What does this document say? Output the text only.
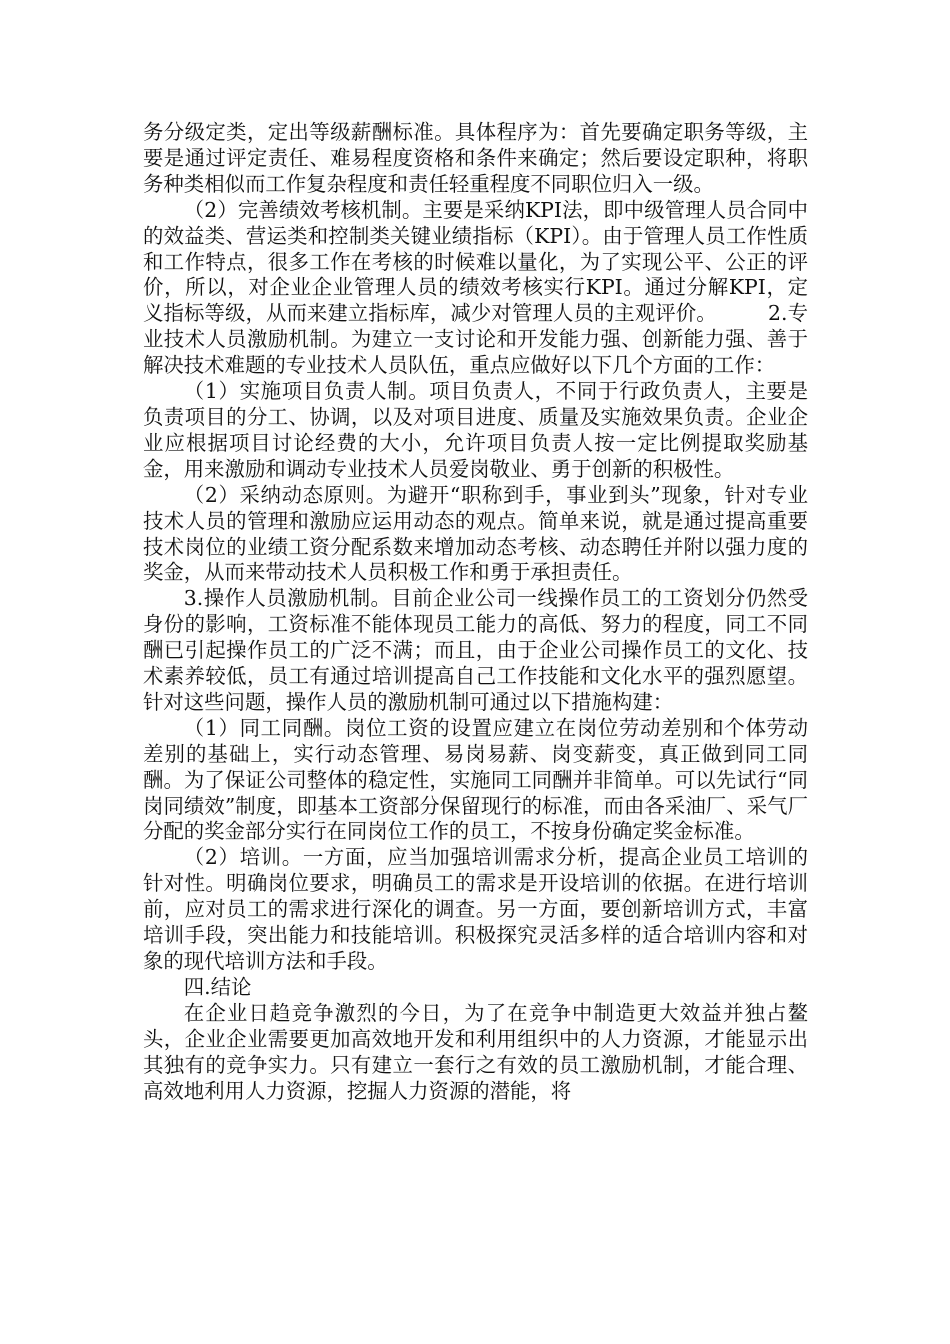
务分级定类，定出等级薪酬标准。具体程序为：首先要确定职务等级，主要是通过评定责任、难易程度资格和条件来确定；然后要设定职种，将职务种类相似而工作复杂程度和责任轻重程度不同职位归入一级。

（2）完善绩效考核机制。主要是采纳KPI法，即中级管理人员合同中的效益类、营运类和控制类关键业绩指标（KPI）。由于管理人员工作性质和工作特点，很多工作在考核的时候难以量化，为了实现公平、公正的评价，所以，对企业企业管理人员的绩效考核实行KPI。通过分解KPI，定义指标等级，从而来建立指标库，减少对管理人员的主观评价。　　　2.专业技术人员激励机制。为建立一支讨论和开发能力强、创新能力强、善于解决技术难题的专业技术人员队伍，重点应做好以下几个方面的工作：

（1）实施项目负责人制。项目负责人，不同于行政负责人，主要是负责项目的分工、协调，以及对项目进度、质量及实施效果负责。企业企业应根据项目讨论经费的大小，允许项目负责人按一定比例提取奖励基金，用来激励和调动专业技术人员爱岗敬业、勇于创新的积极性。

（2）采纳动态原则。为避开“职称到手，事业到头”现象，针对专业技术人员的管理和激励应运用动态的观点。简单来说，就是通过提高重要技术岗位的业绩工资分配系数来增加动态考核、动态聘任并附以强力度的奖金，从而来带动技术人员积极工作和勇于承担责任。

3.操作人员激励机制。目前企业公司一线操作员工的工资划分仍然受身份的影响，工资标准不能体现员工能力的高低、努力的程度，同工不同酬已引起操作员工的广泛不满；而且，由于企业公司操作员工的文化、技术素养较低，员工有通过培训提高自己工作技能和文化水平的强烈愿望。针对这些问题，操作人员的激励机制可通过以下措施构建：

（1）同工同酬。岗位工资的设置应建立在岗位劳动差别和个体劳动差别的基础上，实行动态管理、易岗易薪、岗变薪变，真正做到同工同酬。为了保证公司整体的稳定性，实施同工同酬并非简单。可以先试行“同岗同绩效”制度，即基本工资部分保留现行的标准，而由各采油厂、采气厂分配的奖金部分实行在同岗位工作的员工，不按身份确定奖金标准。

（2）培训。一方面，应当加强培训需求分析，提高企业员工培训的针对性。明确岗位要求，明确员工的需求是开设培训的依据。在进行培训前，应对员工的需求进行深化的调查。另一方面，要创新培训方式，丰富培训手段，突出能力和技能培训。积极探究灵活多样的适合培训内容和对象的现代培训方法和手段。

四.结论

在企业日趋竞争激烈的今日，为了在竞争中制造更大效益并独占鳌头，企业企业需要更加高效地开发和利用组织中的人力资源，才能显示出其独有的竞争实力。只有建立一套行之有效的员工激励机制，才能合理、高效地利用人力资源，挖掘人力资源的潜能，将
